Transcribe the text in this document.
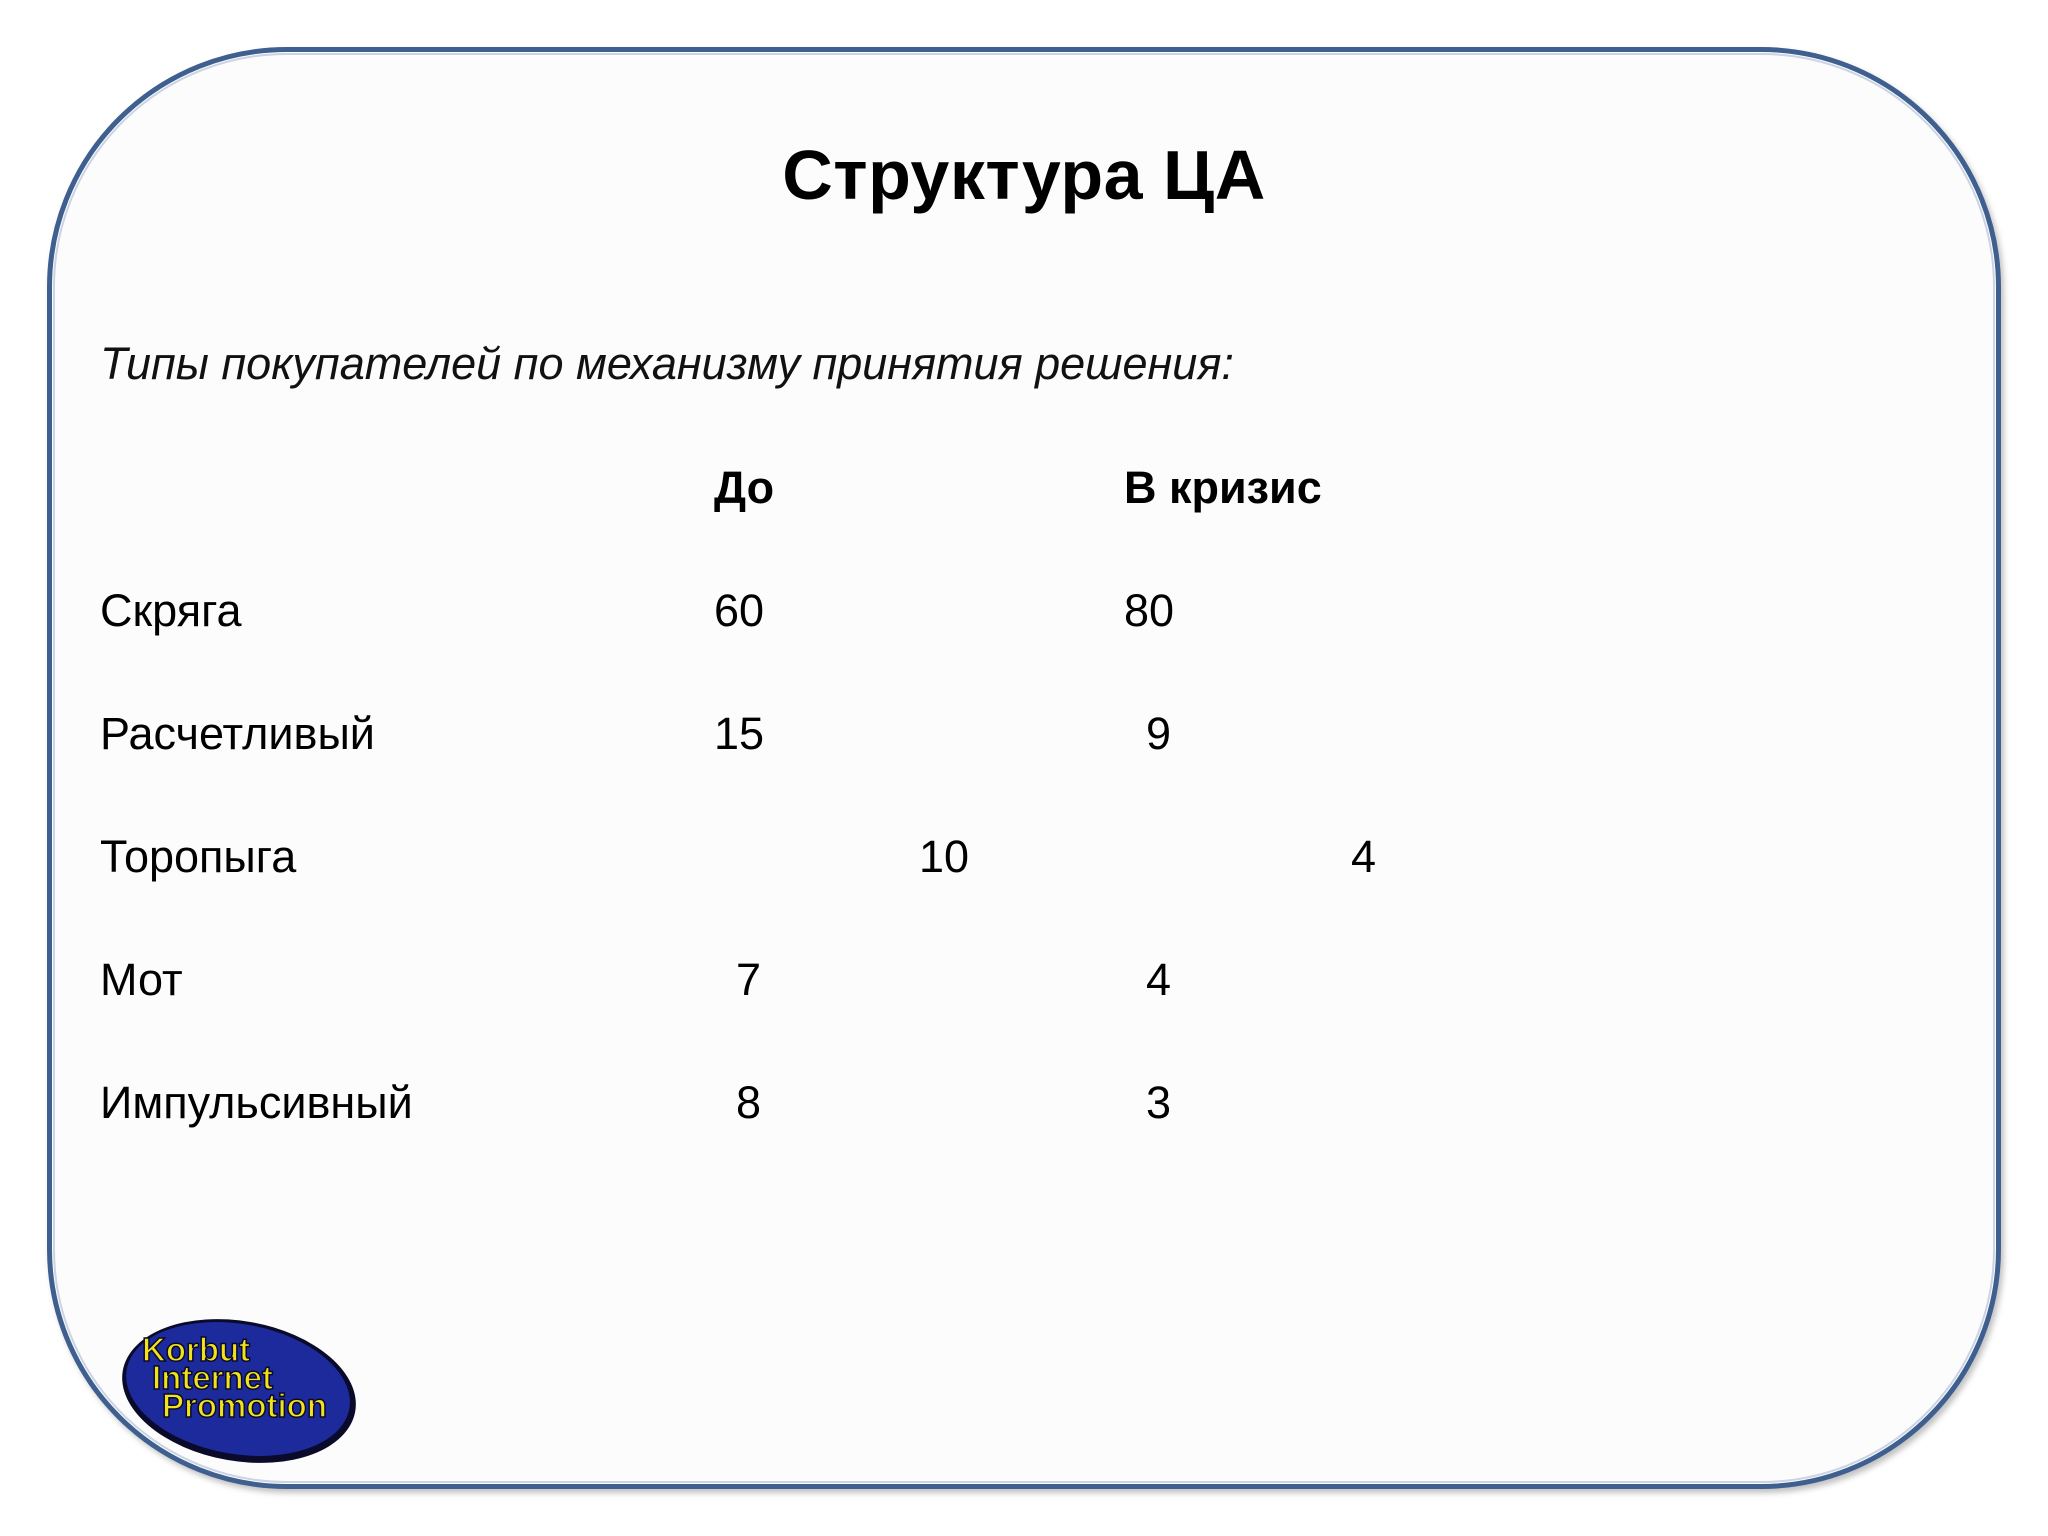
Структура ЦА
Типы покупателей по механизму принятия решения:
До	В кризис
Скряга	60	80
Расчетливый	15	9
Торопыга	10	4
Мот	7	4
Импульсивный	8	3
Korbut
Internet
Promotion
